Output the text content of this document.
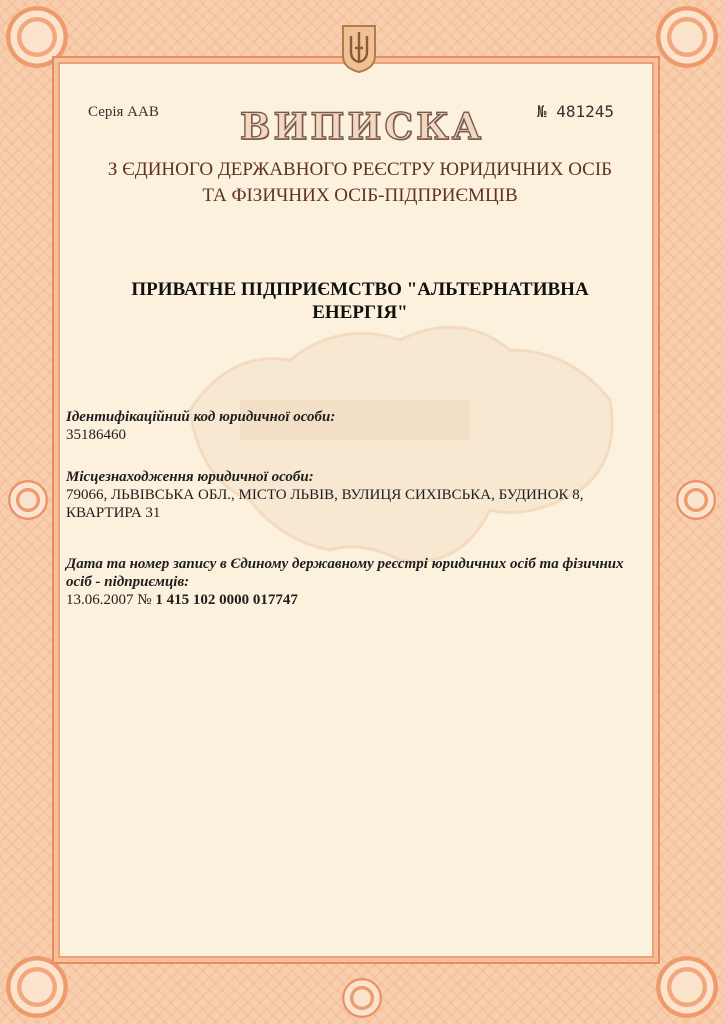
Серія ААВ	№ 481245
ВИПИСКА
З ЄДИНОГО ДЕРЖАВНОГО РЕЄСТРУ ЮРИДИЧНИХ ОСІБ
ТА ФІЗИЧНИХ ОСІБ-ПІДПРИЄМЦІВ
ПРИВАТНЕ ПІДПРИЄМСТВО "АЛЬТЕРНАТИВНА
ЕНЕРГІЯ"
Ідентифікаційний код юридичної особи:
35186460
Місцезнаходження юридичної особи:
79066, ЛЬВІВСЬКА ОБЛ., МІСТО ЛЬВІВ, ВУЛИЦЯ СИХІВСЬКА, БУДИНОК 8,
КВАРТИРА 31
Дата та номер запису в Єдиному державному реєстрі юридичних осіб та фізичних
осіб - підприємців:
13.06.2007 № 1 415 102 0000 017747
